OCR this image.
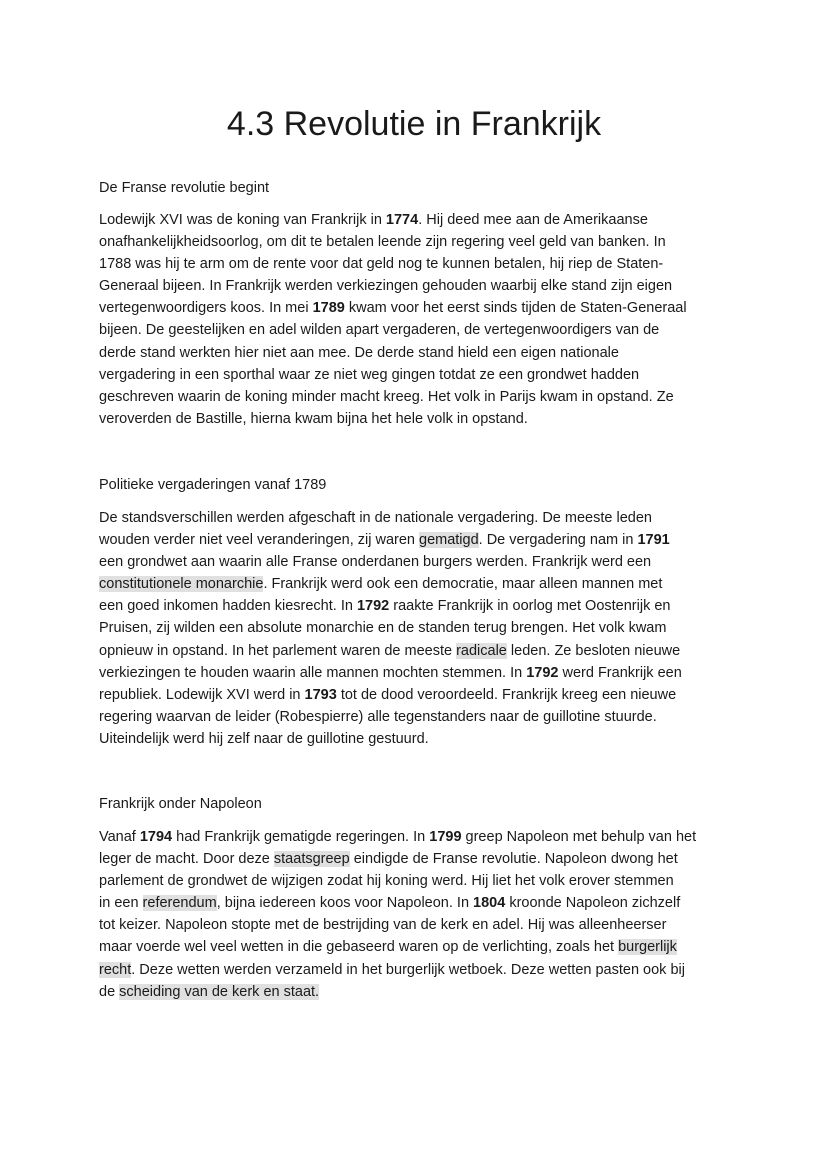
4.3 Revolutie in Frankrijk
De Franse revolutie begint
Lodewijk XVI was de koning van Frankrijk in 1774. Hij deed mee aan de Amerikaanse
onafhankelijkheidsoorlog, om dit te betalen leende zijn regering veel geld van banken. In
1788 was hij te arm om de rente voor dat geld nog te kunnen betalen, hij riep de Staten-
Generaal bijeen. In Frankrijk werden verkiezingen gehouden waarbij elke stand zijn eigen
vertegenwoordigers koos. In mei 1789 kwam voor het eerst sinds tijden de Staten-Generaal
bijeen. De geestelijken en adel wilden apart vergaderen, de vertegenwoordigers van de
derde stand werkten hier niet aan mee. De derde stand hield een eigen nationale
vergadering in een sporthal waar ze niet weg gingen totdat ze een grondwet hadden
geschreven waarin de koning minder macht kreeg. Het volk in Parijs kwam in opstand. Ze
veroverden de Bastille, hierna kwam bijna het hele volk in opstand.
Politieke vergaderingen vanaf 1789
De standsverschillen werden afgeschaft in de nationale vergadering. De meeste leden
wouden verder niet veel veranderingen, zij waren gematigd. De vergadering nam in 1791
een grondwet aan waarin alle Franse onderdanen burgers werden. Frankrijk werd een
constitutionele monarchie. Frankrijk werd ook een democratie, maar alleen mannen met
een goed inkomen hadden kiesrecht. In 1792 raakte Frankrijk in oorlog met Oostenrijk en
Pruisen, zij wilden een absolute monarchie en de standen terug brengen. Het volk kwam
opnieuw in opstand. In het parlement waren de meeste radicale leden. Ze besloten nieuwe
verkiezingen te houden waarin alle mannen mochten stemmen. In 1792 werd Frankrijk een
republiek. Lodewijk XVI werd in 1793 tot de dood veroordeeld. Frankrijk kreeg een nieuwe
regering waarvan de leider (Robespierre) alle tegenstanders naar de guillotine stuurde.
Uiteindelijk werd hij zelf naar de guillotine gestuurd.
Frankrijk onder Napoleon
Vanaf 1794 had Frankrijk gematigde regeringen. In 1799 greep Napoleon met behulp van het
leger de macht. Door deze staatsgreep eindigde de Franse revolutie. Napoleon dwong het
parlement de grondwet de wijzigen zodat hij koning werd. Hij liet het volk erover stemmen
in een referendum, bijna iedereen koos voor Napoleon. In 1804 kroonde Napoleon zichzelf
tot keizer. Napoleon stopte met de bestrijding van de kerk en adel. Hij was alleenheerser
maar voerde wel veel wetten in die gebaseerd waren op de verlichting, zoals het burgerlijk
recht. Deze wetten werden verzameld in het burgerlijk wetboek. Deze wetten pasten ook bij
de scheiding van de kerk en staat.
